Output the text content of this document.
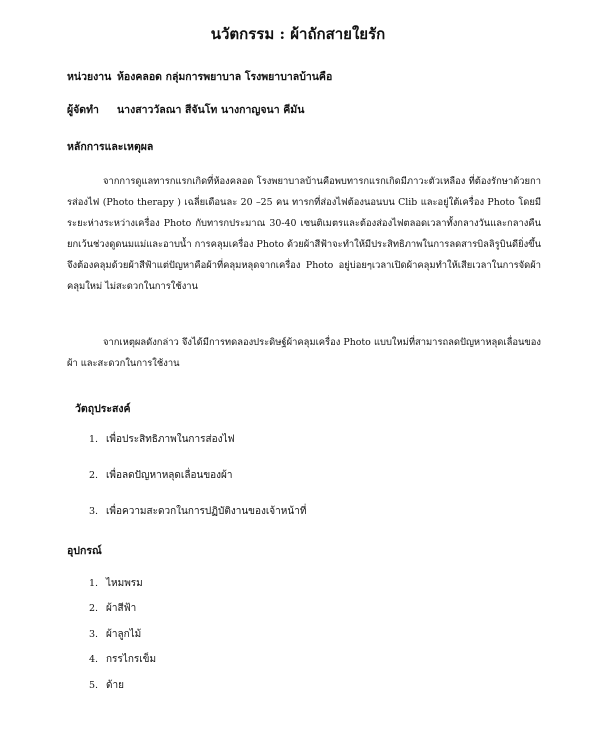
นวัตกรรม : ผ้าถักสายใยรัก
หน่วยงาน ห้องคลอด กลุ่มการพยาบาล โรงพยาบาลบ้านคือ
ผู้จัดทำ นางสาววัลณา สีจันโท นางกาญจนา คีมัน
หลักการและเหตุผล

จากการดูแลทารกแรกเกิดที่ห้องคลอด โรงพยาบาลบ้านคือพบทารกแรกเกิดมีภาวะตัวเหลือง ที่ต้องรักษาด้วยการส่องไฟ (Photo therapy ) เฉลี่ยเดือนละ 20 –25 คน ทารกที่ส่องไฟต้องนอนบน Clib และอยู่ใต้เครื่อง Photo โดยมีระยะห่างระหว่างเครื่อง Photo กับทารกประมาณ 30-40 เซนติเมตรและต้องส่องไฟตลอดเวลาทั้งกลางวันและกลางคืน ยกเว้นช่วงดูดนมแม่และอาบน้ำ การคลุมเครื่อง Photo ด้วยผ้าสีฟ้าจะทำให้มีประสิทธิภาพในการลดสารบิลลิรูบินดียิ่งขึ้น จึงต้องคลุมด้วยผ้าสีฟ้าแต่ปัญหาคือผ้าที่คลุมหลุดจากเครื่อง Photo อยู่บ่อยๆเวลาเปิดผ้าคลุมทำให้เสียเวลาในการจัดผ้าคลุมใหม่ ไม่สะดวกในการใช้งาน

จากเหตุผลดังกล่าว จึงได้มีการทดลองประดิษฐ์ผ้าคลุมเครื่อง Photo แบบใหม่ที่สามารถลดปัญหาหลุดเลื่อนของผ้า และสะดวกในการใช้งาน

วัตถุประสงค์
1. เพื่อประสิทธิภาพในการส่องไฟ
2. เพื่อลดปัญหาหลุดเลื่อนของผ้า
3. เพื่อความสะดวกในการปฏิบัติงานของเจ้าหน้าที่
อุปกรณ์
1. ไหมพรม
2. ผ้าสีฟ้า
3. ผ้าลูกไม้
4. กรรไกรเข็ม
5. ด้าย
